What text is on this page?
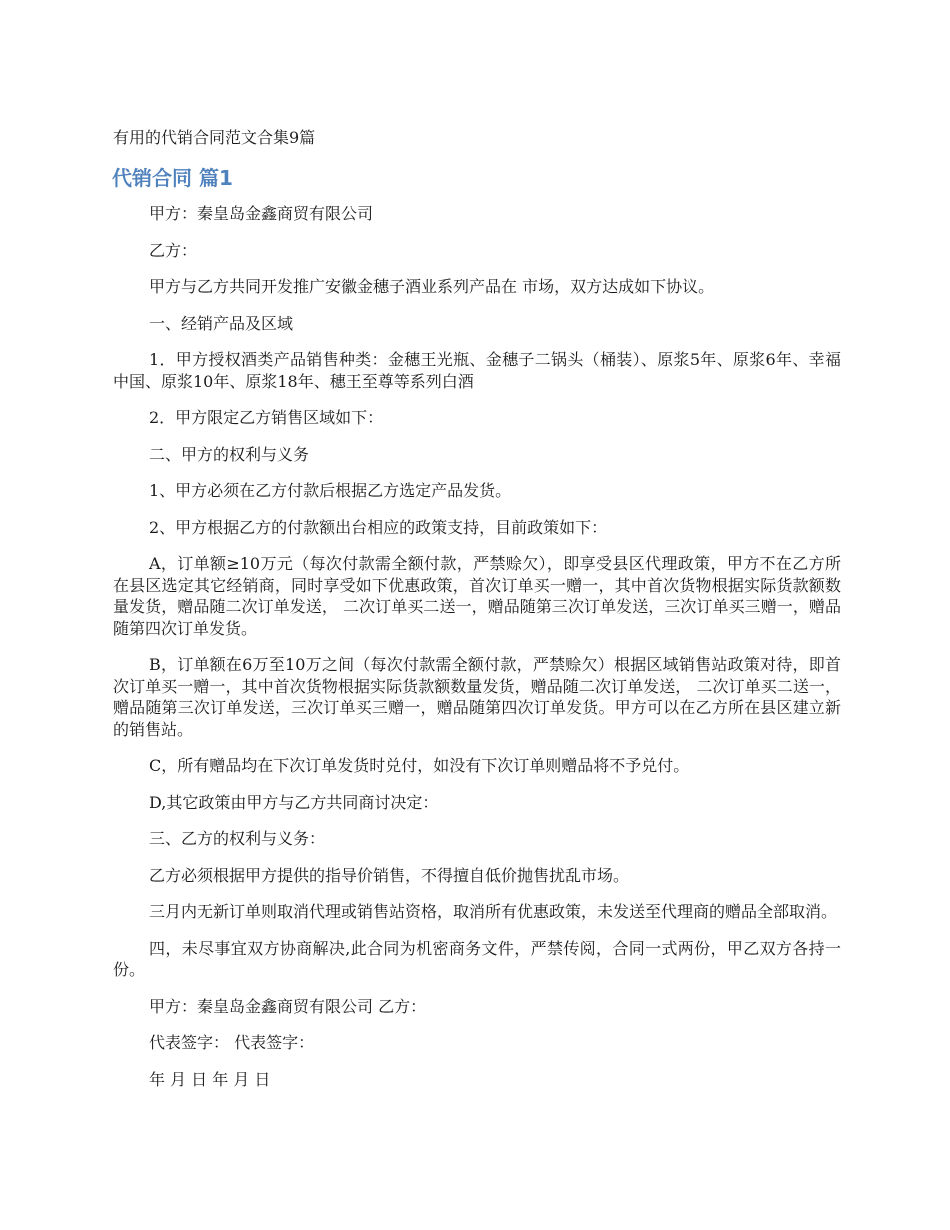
有用的代销合同范文合集9篇

代销合同 篇1

甲方：秦皇岛金鑫商贸有限公司

乙方：

甲方与乙方共同开发推广安徽金穗子酒业系列产品在 市场，双方达成如下协议。

一、经销产品及区域

1．甲方授权酒类产品销售种类：金穗王光瓶、金穗子二锅头（桶装）、原浆5年、原浆6年、幸福中国、原浆10年、原浆18年、穗王至尊等系列白酒

2．甲方限定乙方销售区域如下：

二、甲方的权利与义务

1、甲方必须在乙方付款后根据乙方选定产品发货。

2、甲方根据乙方的付款额出台相应的政策支持，目前政策如下：

A，订单额≥10万元（每次付款需全额付款，严禁赊欠），即享受县区代理政策，甲方不在乙方所在县区选定其它经销商，同时享受如下优惠政策，首次订单买一赠一，其中首次货物根据实际货款额数量发货，赠品随二次订单发送， 二次订单买二送一，赠品随第三次订单发送，三次订单买三赠一，赠品随第四次订单发货。

B，订单额在6万至10万之间（每次付款需全额付款，严禁赊欠）根据区域销售站政策对待，即首次订单买一赠一，其中首次货物根据实际货款额数量发货，赠品随二次订单发送， 二次订单买二送一，赠品随第三次订单发送，三次订单买三赠一，赠品随第四次订单发货。甲方可以在乙方所在县区建立新的销售站。

C，所有赠品均在下次订单发货时兑付，如没有下次订单则赠品将不予兑付。

D,其它政策由甲方与乙方共同商讨决定：

三、乙方的权利与义务：

乙方必须根据甲方提供的指导价销售，不得擅自低价抛售扰乱市场。

三月内无新订单则取消代理或销售站资格，取消所有优惠政策，未发送至代理商的赠品全部取消。

四，未尽事宜双方协商解决,此合同为机密商务文件，严禁传阅，合同一式两份，甲乙双方各持一份。

甲方：秦皇岛金鑫商贸有限公司 乙方：

代表签字： 代表签字：

年 月 日 年 月 日
